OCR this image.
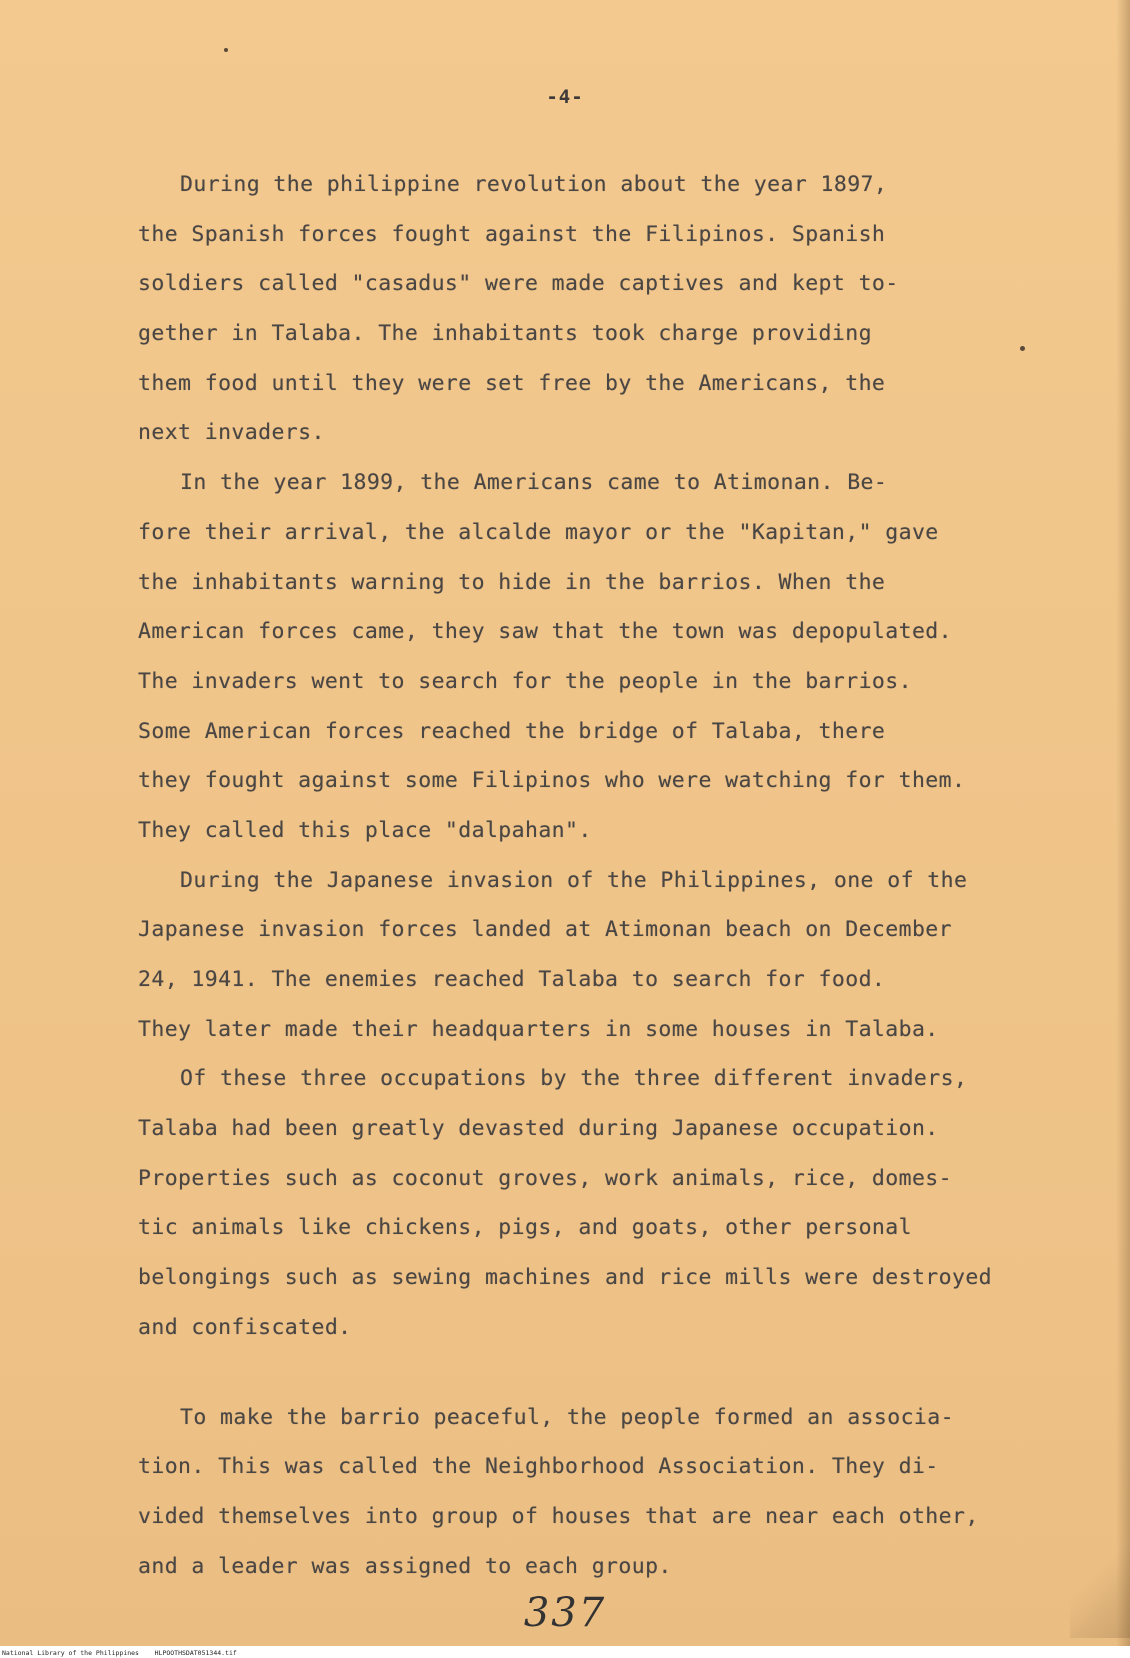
-4-
During the philippine revolution about the year 1897,
the Spanish forces fought against the Filipinos. Spanish
soldiers called "casadus" were made captives and kept to-
gether in Talaba. The inhabitants took charge providing
them food until they were set free by the Americans, the
next invaders.
In the year 1899, the Americans came to Atimonan. Be-
fore their arrival, the alcalde mayor or the "Kapitan," gave
the inhabitants warning to hide in the barrios. When the
American forces came, they saw that the town was depopulated.
The invaders went to search for the people in the barrios.
Some American forces reached the bridge of Talaba, there
they fought against some Filipinos who were watching for them.
They called this place "dalpahan".
During the Japanese invasion of the Philippines, one of the
Japanese invasion forces landed at Atimonan beach on December
24, 1941. The enemies reached Talaba to search for food.
They later made their headquarters in some houses in Talaba.
Of these three occupations by the three different invaders,
Talaba had been greatly devasted during Japanese occupation.
Properties such as coconut groves, work animals, rice, domes-
tic animals like chickens, pigs, and goats, other personal
belongings such as sewing machines and rice mills were destroyed
and confiscated.
To make the barrio peaceful, the people formed an associa-
tion. This was called the Neighborhood Association. They di-
vided themselves into group of houses that are near each other,
and a leader was assigned to each group.
337
National Library of the Philippines    HLPOOTHSDAT051344.tif
